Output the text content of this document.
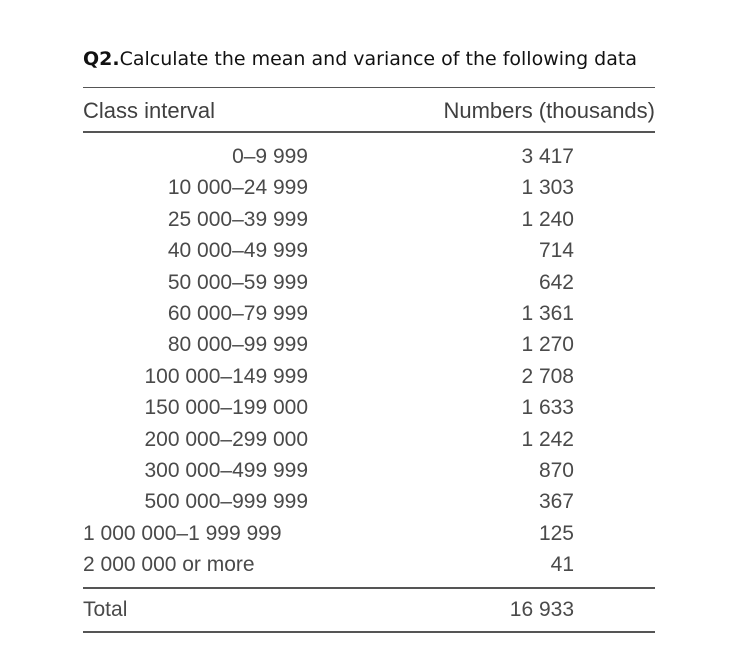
Q2.Calculate the mean and variance of the following data
Class interval	Numbers (thousands)
0–9 999	3 417
10 000–24 999	1 303
25 000–39 999	1 240
40 000–49 999	714
50 000–59 999	642
60 000–79 999	1 361
80 000–99 999	1 270
100 000–149 999	2 708
150 000–199 000	1 633
200 000–299 000	1 242
300 000–499 999	870
500 000–999 999	367
1 000 000–1 999 999	125
2 000 000 or more	41
Total	16 933
